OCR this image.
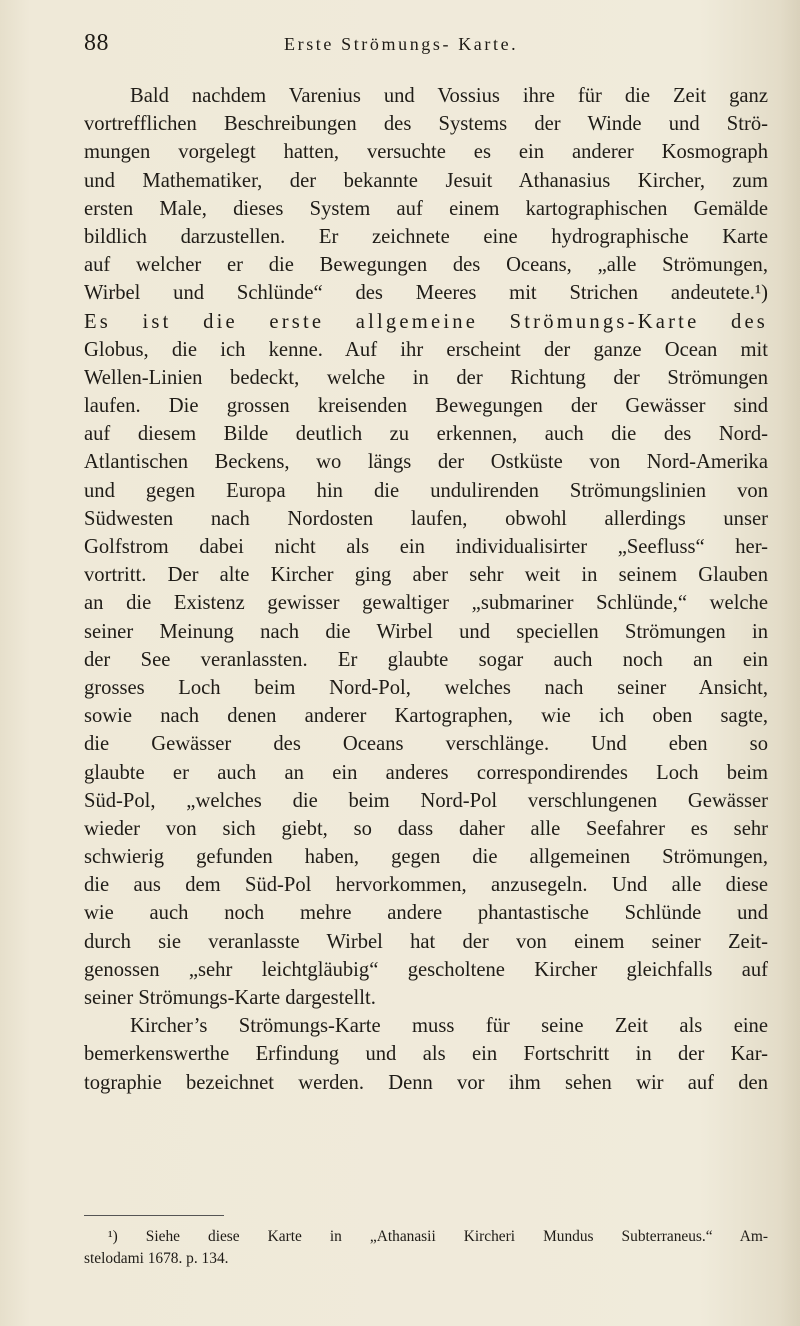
88	Erste Strömungs- Karte.
Bald nachdem Varenius und Vossius ihre für die Zeit ganz
vortrefflichen Beschreibungen des Systems der Winde und Strö-
mungen vorgelegt hatten, versuchte es ein anderer Kosmograph
und Mathematiker, der bekannte Jesuit Athanasius Kircher, zum
ersten Male, dieses System auf einem kartographischen Gemälde
bildlich darzustellen. Er zeichnete eine hydrographische Karte
auf welcher er die Bewegungen des Oceans, „alle Strömungen,
Wirbel und Schlünde“ des Meeres mit Strichen andeutete.¹)
Es ist die erste allgemeine Strömungs-Karte des
Globus, die ich kenne. Auf ihr erscheint der ganze Ocean mit
Wellen-Linien bedeckt, welche in der Richtung der Strömungen
laufen. Die grossen kreisenden Bewegungen der Gewässer sind
auf diesem Bilde deutlich zu erkennen, auch die des Nord-
Atlantischen Beckens, wo längs der Ostküste von Nord-Amerika
und gegen Europa hin die undulirenden Strömungslinien von
Südwesten nach Nordosten laufen, obwohl allerdings unser
Golfstrom dabei nicht als ein individualisirter „Seefluss“ her-
vortritt. Der alte Kircher ging aber sehr weit in seinem Glauben
an die Existenz gewisser gewaltiger „submariner Schlünde,“ welche
seiner Meinung nach die Wirbel und speciellen Strömungen in
der See veranlassten. Er glaubte sogar auch noch an ein
grosses Loch beim Nord-Pol, welches nach seiner Ansicht,
sowie nach denen anderer Kartographen, wie ich oben sagte,
die Gewässer des Oceans verschlänge. Und eben so
glaubte er auch an ein anderes correspondirendes Loch beim
Süd-Pol, „welches die beim Nord-Pol verschlungenen Gewässer
wieder von sich giebt, so dass daher alle Seefahrer es sehr
schwierig gefunden haben, gegen die allgemeinen Strömungen,
die aus dem Süd-Pol hervorkommen, anzusegeln. Und alle diese
wie auch noch mehre andere phantastische Schlünde und
durch sie veranlasste Wirbel hat der von einem seiner Zeit-
genossen „sehr leichtgläubig“ gescholtene Kircher gleichfalls auf
seiner Strömungs-Karte dargestellt.
Kircher’s Strömungs-Karte muss für seine Zeit als eine
bemerkenswerthe Erfindung und als ein Fortschritt in der Kar-
tographie bezeichnet werden. Denn vor ihm sehen wir auf den
¹) Siehe diese Karte in „Athanasii Kircheri Mundus Subterraneus.“ Am-
stelodami 1678. p. 134.
